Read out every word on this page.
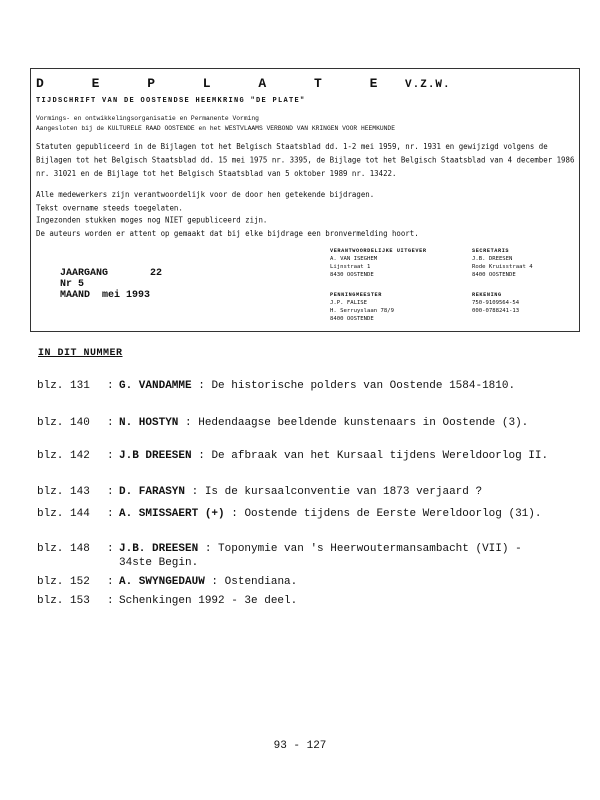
D E P L A T E V.Z.W.
TIJDSCHRIFT VAN DE OOSTENDSE HEEMKRING "DE PLATE"
Vormings- en ontwikkelingsorganisatie en Permanente Vorming
Aangesloten bij de KULTURELE RAAD OOSTENDE en het WESTVLAAMS VERBOND VAN KRINGEN VOOR HEEMKUNDE
Statuten gepubliceerd in de Bijlagen tot het Belgisch Staatsblad dd. 1-2 mei 1959, nr. 1931 en gewijzigd volgens de Bijlagen tot het Belgisch Staatsblad dd. 15 mei 1975 nr. 3395, de Bijlage tot het Belgisch Staatsblad van 4 december 1986 nr. 31021 en de Bijlage tot het Belgisch Staatsblad van 5 oktober 1989 nr. 13422.
Alle medewerkers zijn verantwoordelijk voor de door hen getekende bijdragen.
Tekst overname steeds toegelaten.
Ingezonden stukken moges nog NIET gepubliceerd zijn.
De auteurs worden er attent op gemaakt dat bij elke bijdrage een bronvermelding hoort.
JAARGANG	22
Nr 5
MAAND mei 1993
VERANTWOORDELIJKE UITGEVER
A. VAN ISEGHEM
Lijnstraat 1
8430 OOSTENDE
SECRETARIS
J.B. DREESEN
Rode Kruisstraat 4
8400 OOSTENDE
PENNINGMEESTER
J.P. FALISE
H. Serruyslaan 78/9
8400 OOSTENDE
REKENING
750-9109564-54
000-0788241-13
IN DIT NUMMER
blz. 131 : G. VANDAMME : De historische polders van Oostende 1584-1810.
blz. 140 : N. HOSTYN : Hedendaagse beeldende kunstenaars in Oostende (3).
blz. 142 : J.B DREESEN : De afbraak van het Kursaal tijdens Wereldoorlog II.
blz. 143 : D. FARASYN : Is de kursaalconventie van 1873 verjaard ?
blz. 144 : A. SMISSAERT (+) : Oostende tijdens de Eerste Wereldoorlog (31).
blz. 148 : J.B. DREESEN : Toponymie van 's Heerwoutermansambacht (VII) - 34ste Begin.
blz. 152 : A. SWYNGEDAUW : Ostendiana.
blz. 153 : Schenkingen 1992 - 3e deel.
93 - 127
